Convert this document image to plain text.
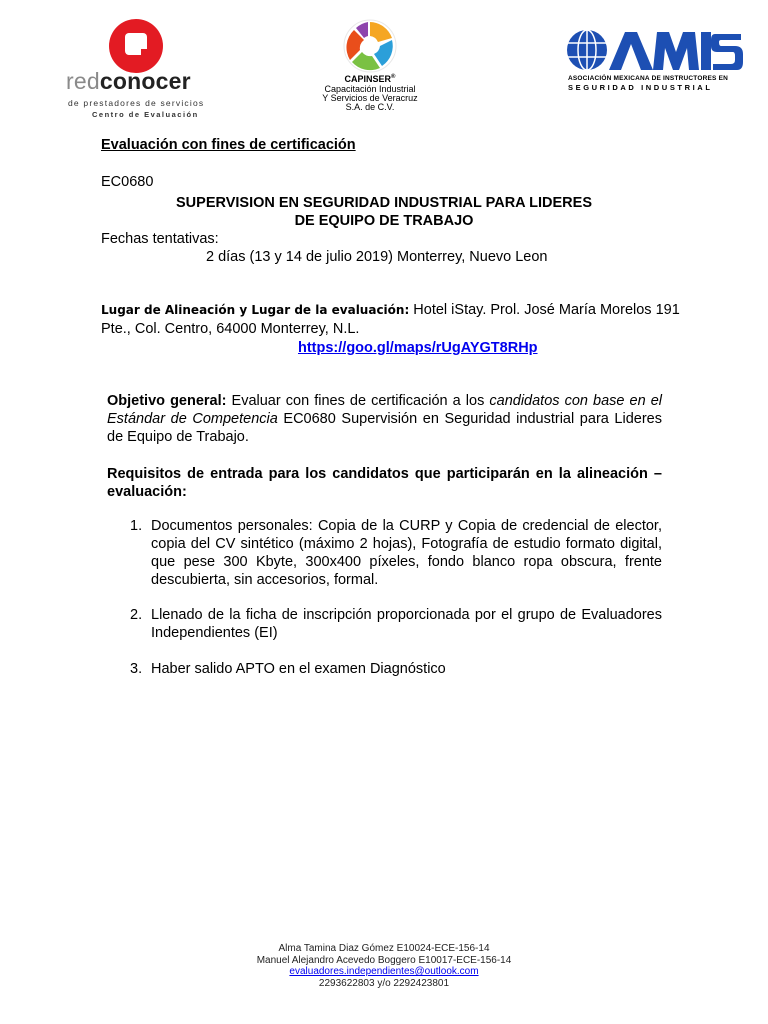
redconocer
de prestadores de servicios
Centro de Evaluación
CAPINSER®
Capacitación Industrial
Y Servicios de Veracruz
S.A. de C.V.
ASOCIACIÓN MEXICANA DE INSTRUCTORES EN
SEGURIDAD INDUSTRIAL
Evaluación con fines de certificación
EC0680
SUPERVISION EN SEGURIDAD INDUSTRIAL PARA LIDERES
DE EQUIPO DE TRABAJO
Fechas tentativas:
2 días (13 y 14 de julio 2019) Monterrey, Nuevo Leon
Lugar de Alineación y Lugar de la evaluación: Hotel iStay. Prol. José María Morelos 191
Pte., Col. Centro, 64000 Monterrey, N.L.
https://goo.gl/maps/rUgAYGT8RHp
Objetivo general: Evaluar con fines de certificación a los candidatos con base en el Estándar de Competencia EC0680 Supervisión en Seguridad industrial para Lideres de Equipo de Trabajo.
Requisitos de entrada para los candidatos que participarán en la alineación – evaluación:
1. Documentos personales: Copia de la CURP y Copia de credencial de elector, copia del CV sintético (máximo 2 hojas), Fotografía de estudio formato digital, que pese 300 Kbyte, 300x400 píxeles, fondo blanco ropa obscura, frente descubierta, sin accesorios, formal.
2. Llenado de la ficha de inscripción proporcionada por el grupo de Evaluadores Independientes (EI)
3. Haber salido APTO en el examen Diagnóstico
Alma Tamina Diaz Gómez E10024-ECE-156-14
Manuel Alejandro Acevedo Boggero E10017-ECE-156-14
evaluadores.independientes@outlook.com
2293622803 y/o 2292423801
